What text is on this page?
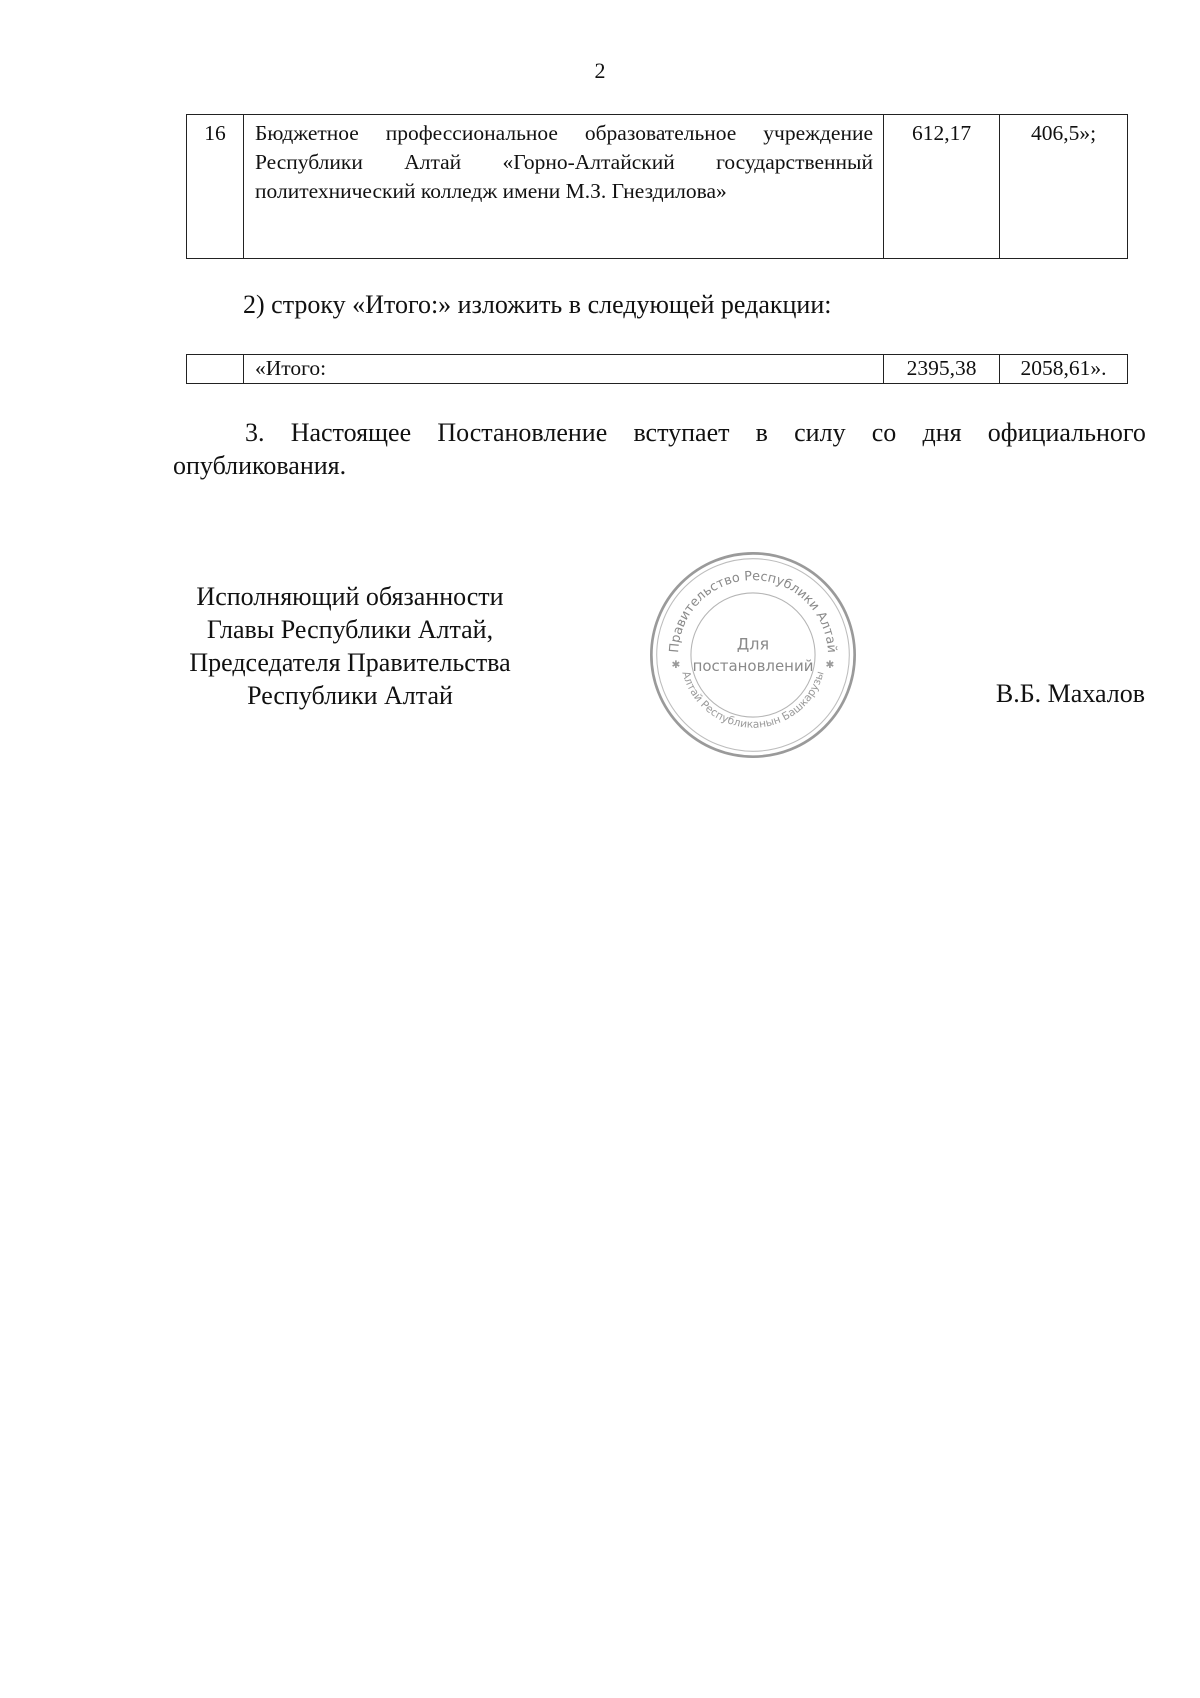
2
16	Бюджетное профессиональное образовательное учреждение Республики Алтай «Горно-Алтайский государственный политехнический колледж имени М.З. Гнездилова»	612,17	406,5»;
2) строку «Итого:» изложить в следующей редакции:
	«Итого:	2395,38	2058,61».
3. Настоящее Постановление вступает в силу со дня официального
опубликования.
Исполняющий обязанности
Главы Республики Алтай,
Председателя Правительства
Республики Алтай
Правительство Республики Алтай
Алтай Республиканын Башкарузы
Для
постановлений
✱	✱
В.Б. Махалов
